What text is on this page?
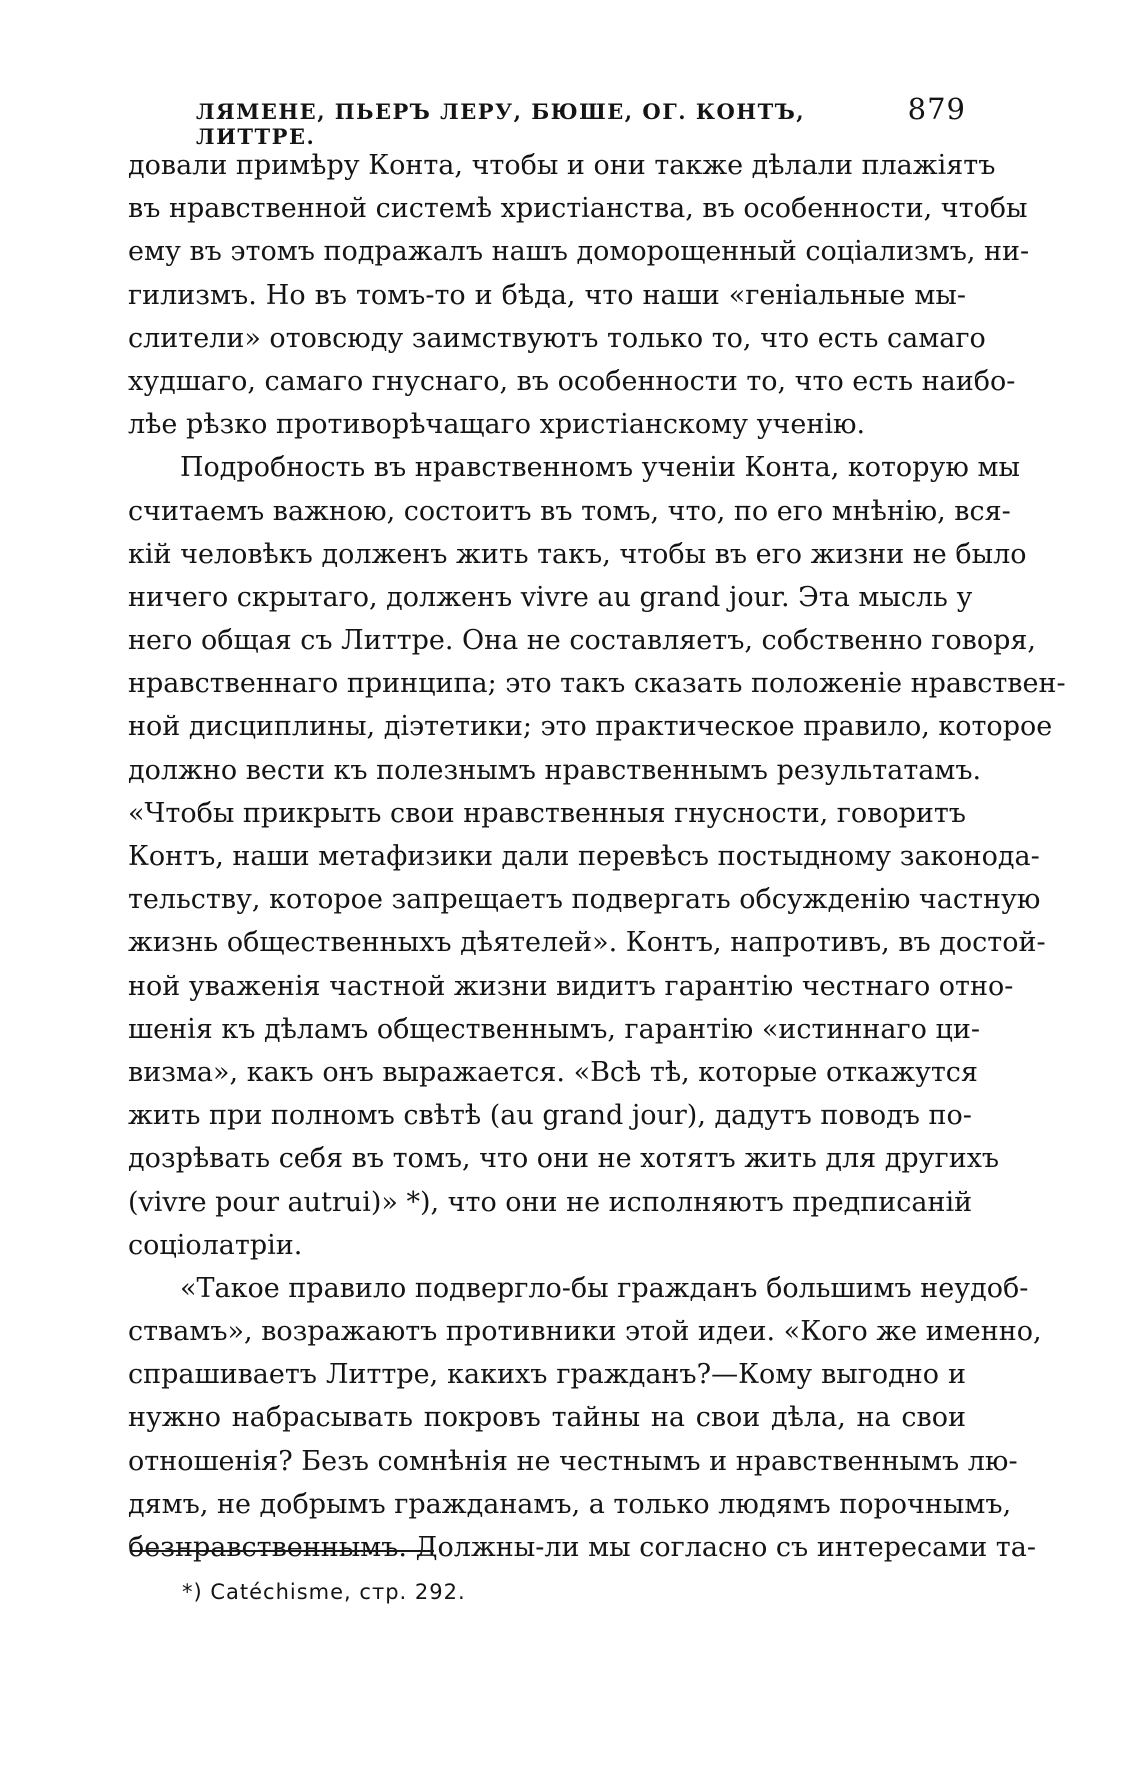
ЛЯМЕНЕ, ПЬЕРЪ ЛЕРУ, БЮШЕ, ОГ. КОНТЪ, ЛИТТРЕ.
879
довали примѣру Конта, чтобы и они также дѣлали плажіятъ
въ нравственной системѣ христіанства, въ особенности, чтобы
ему въ этомъ подражалъ нашъ доморощенный соціализмъ, ни-
гилизмъ. Но въ томъ-то и бѣда, что наши «геніальные мы-
слители» отовсюду заимствуютъ только то, что есть самаго
худшаго, самаго гнуснаго, въ особенности то, что есть наибо-
лѣе рѣзко противорѣчащаго христіанскому ученію.
Подробность въ нравственномъ ученіи Конта, которую мы
считаемъ важною, состоитъ въ томъ, что, по его мнѣнію, вся-
кій человѣкъ долженъ жить такъ, чтобы въ его жизни не было
ничего скрытаго, долженъ vivre au grand jour. Эта мысль у
него общая съ Литтре. Она не составляетъ, собственно говоря,
нравственнаго принципа; это такъ сказать положеніе нравствен-
ной дисциплины, діэтетики; это практическое правило, которое
должно вести къ полезнымъ нравственнымъ результатамъ.
«Чтобы прикрыть свои нравственныя гнусности, говоритъ
Контъ, наши метафизики дали перевѣсъ постыдному законода-
тельству, которое запрещаетъ подвергать обсужденію частную
жизнь общественныхъ дѣятелей». Контъ, напротивъ, въ достой-
ной уваженія частной жизни видитъ гарантію честнаго отно-
шенія къ дѣламъ общественнымъ, гарантію «истиннаго ци-
визма», какъ онъ выражается. «Всѣ тѣ, которые откажутся
жить при полномъ свѣтѣ (au grand jour), дадутъ поводъ по-
дозрѣвать себя въ томъ, что они не хотятъ жить для другихъ
(vivre pour autrui)» *), что они не исполняютъ предписаній
соціолатріи.
«Такое правило подвергло-бы гражданъ большимъ неудоб-
ствамъ», возражаютъ противники этой идеи. «Кого же именно,
спрашиваетъ Литтре, какихъ гражданъ?—Кому выгодно и
нужно набрасывать покровъ тайны на свои дѣла, на свои
отношенія? Безъ сомнѣнія не честнымъ и нравственнымъ лю-
дямъ, не добрымъ гражданамъ, а только людямъ порочнымъ,
безнравственнымъ. Должны-ли мы согласно съ интересами та-
*) Catéchisme, стр. 292.
